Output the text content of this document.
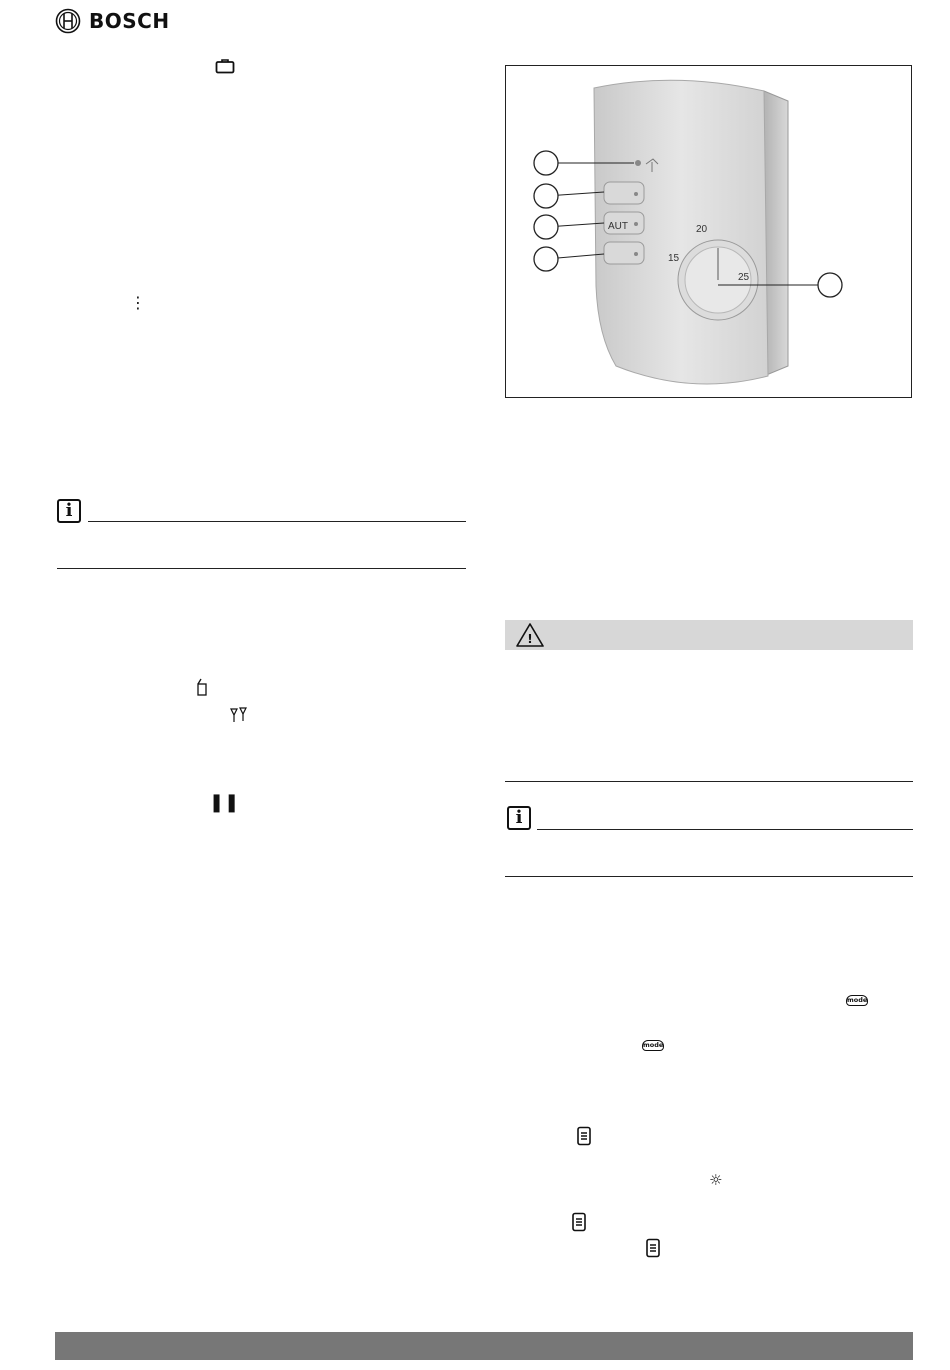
BOSCH
⋮
i
❚❚
AUT
15
20
25
!
i
mode
mode
☼
